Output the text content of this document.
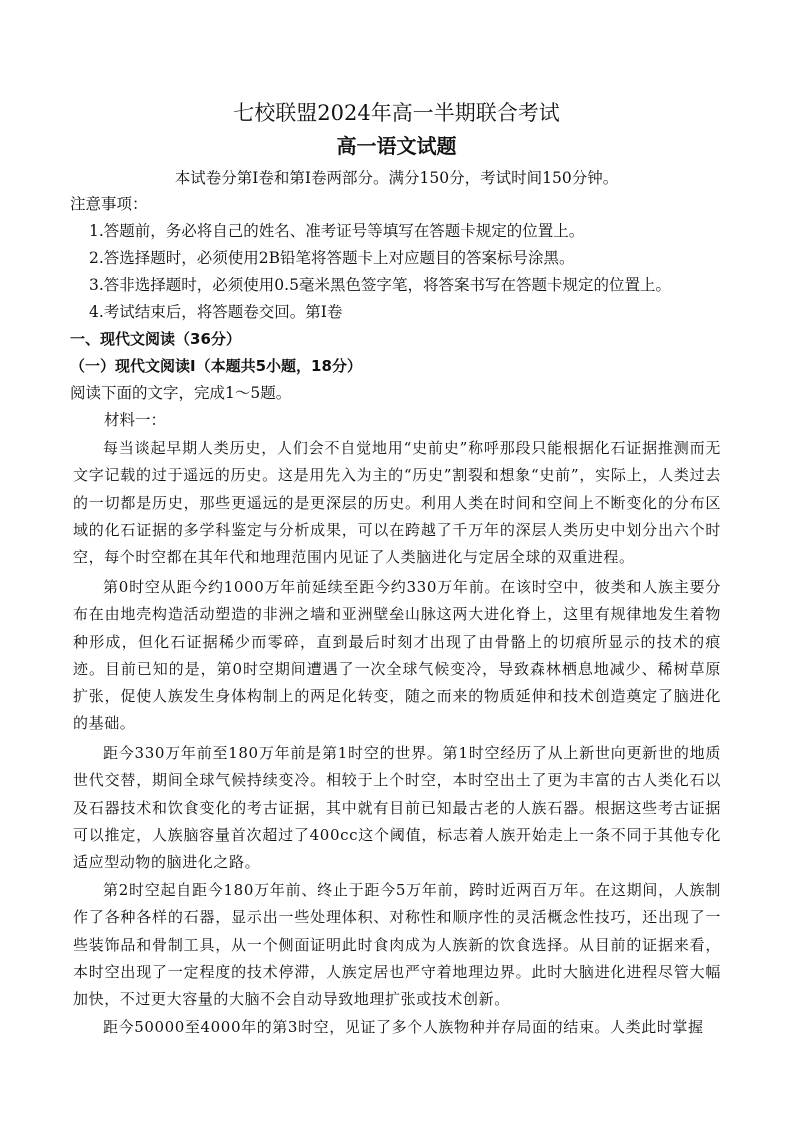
七校联盟2024年高一半期联合考试
高一语文试题
本试卷分第Ⅰ卷和第Ⅰ卷两部分。满分150分，考试时间150分钟。
注意事项：
1.答题前，务必将自己的姓名、准考证号等填写在答题卡规定的位置上。
2.答选择题时，必须使用2B铅笔将答题卡上对应题目的答案标号涂黑。
3.答非选择题时，必须使用0.5毫米黑色签字笔，将答案书写在答题卡规定的位置上。
4.考试结束后，将答题卷交回。第Ⅰ卷
一、现代文阅读（36分）
（一）现代文阅读Ⅰ（本题共5小题，18分）
阅读下面的文字，完成1～5题。
材料一：

每当谈起早期人类历史，人们会不自觉地用“史前史”称呼那段只能根据化石证据推测而无文字记载的过于遥远的历史。这是用先入为主的“历史”割裂和想象“史前”，实际上，人类过去的一切都是历史，那些更遥远的是更深层的历史。利用人类在时间和空间上不断变化的分布区域的化石证据的多学科鉴定与分析成果，可以在跨越了千万年的深层人类历史中划分出六个时空，每个时空都在其年代和地理范围内见证了人类脑进化与定居全球的双重进程。

第0时空从距今约1000万年前延续至距今约330万年前。在该时空中，彼类和人族主要分布在由地壳构造活动塑造的非洲之墙和亚洲壁垒山脉这两大进化脊上，这里有规律地发生着物种形成，但化石证据稀少而零碎，直到最后时刻才出现了由骨骼上的切痕所显示的技术的痕迹。目前已知的是，第0时空期间遭遇了一次全球气候变冷，导致森林栖息地减少、稀树草原扩张，促使人族发生身体构制上的两足化转变，随之而来的物质延伸和技术创造奠定了脑进化的基础。

距今330万年前至180万年前是第1时空的世界。第1时空经历了从上新世向更新世的地质世代交替，期间全球气候持续变冷。相较于上个时空，本时空出土了更为丰富的古人类化石以及石器技术和饮食变化的考古证据，其中就有目前已知最古老的人族石器。根据这些考古证据可以推定，人族脑容量首次超过了400cc这个阈值，标志着人族开始走上一条不同于其他专化适应型动物的脑进化之路。

第2时空起自距今180万年前、终止于距今5万年前，跨时近两百万年。在这期间，人族制作了各种各样的石器，显示出一些处理体积、对称性和顺序性的灵活概念性技巧，还出现了一些装饰品和骨制工具，从一个侧面证明此时食肉成为人族新的饮食选择。从目前的证据来看，本时空出现了一定程度的技术停滞，人族定居也严守着地理边界。此时大脑进化进程尽管大幅加快，不过更大容量的大脑不会自动导致地理扩张或技术创新。

距今50000至4000年的第3时空，见证了多个人族物种并存局面的结束。人类此时掌握
